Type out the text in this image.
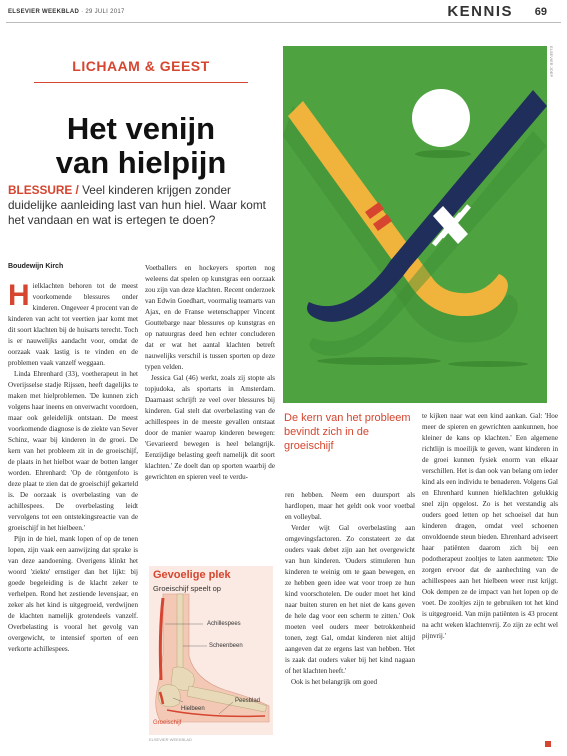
ELSEVIER WEEKBLAD · 29 JULI 2017	KENNIS 69
LICHAAM & GEEST
Het venijn
van hielpijn

BLESSURE / Veel kinderen krijgen zonder duidelijke aanleiding last van hun hiel. Waar komt het vandaan en wat is ertegen te doen?

Boudewijn Kirch
ELSEVIER JOEP

Hielklachten behoren tot de meest voorkomende blessures onder kinderen. Ongeveer 4 procent van de kinderen van acht tot veertien jaar komt met dit soort klachten bij de huisarts terecht. Toch is er nauwelijks aandacht voor, omdat de oorzaak vaak lastig is te vinden en de problemen vaak vanzelf weggaan.

Linda Ehrenhard (33), voetherapeut in het Overijsselse stadje Rijssen, heeft dagelijks te maken met hielproblemen. 'De kunnen zich volgens haar ineens en onverwacht voordoen, maar ook geleidelijk ontstaan. De meest voorkomende diagnose is de ziekte van Sever Schinz, waar bij kinderen in de groei. De kern van het probleem zit in de groeischijf, de plaats in het hielbot waar de botten langer worden. Ehrenhard: 'Op de röntgenfoto is deze plaat te zien dat de groeischijf gekarteld is. De oorzaak is overbelasting van de achillespees. De overbelasting leidt vervolgens tot een ontstekingsreactie van de groeischijf in het hielbeen.'

Pijn in de hiel, mank lopen of op de tenen lopen, zijn vaak een aanwijzing dat sprake is van deze aandoening. Overigens klinkt het woord 'ziekte' ernstiger dan het lijkt: bij goede begeleiding is de klacht zeker te verhelpen. Rond het zestiende levensjaar, en zeker als het kind is uitgegroeid, verdwijnen de klachten namelijk grotendeels vanzelf. Overbelasting is vooral het gevolg van overgewicht, te intensief sporten of een verkorte achillespees.

Voetballers en hockeyers sporten nog weleens dat spelen op kunstgras een oorzaak zou zijn van deze klachten. Recent onderzoek van Edwin Goedhart, voormalig teamarts van Ajax, en de Franse wetenschapper Vincent Gouttebarge naar blessures op kunstgras en op natuurgras deed hen echter concluderen dat er wat het aantal klachten betreft nauwelijks verschil is tussen sporten op deze typen velden.

Jessica Gal (46) werkt, zoals zij stopte als topjudoka, als sportarts in Amsterdam. Daarnaast schrijft ze veel over blessures bij kinderen. Gal stelt dat overbelasting van de achillespees in de meeste gevallen ontstaat door de manier waarop kinderen bewegen: 'Gevarieerd bewegen is heel belangrijk. Eenzijdige belasting geeft namelijk dit soort klachten.' Ze doelt dan op sporten waarbij de gewrichten en spieren veel te verdu-

De kern van het probleem bevindt zich in de groeischijf

ren hebben. Neem een duursport als hardlopen, maar het geldt ook voor voetbal en volleybal.

Verder wijt Gal overbelasting aan omgevingsfactoren. Zo constateert ze dat ouders vaak debet zijn aan het overgewicht van hun kinderen. 'Ouders stimuleren hun kinderen te weinig om te gaan bewegen, en ze hebben geen idee wat voor troep ze hun kind voorschotelen. De ouder moet het kind naar buiten sturen en het niet de kans geven de hele dag voor een scherm te zitten.' Ook moeten veel ouders meer betrokkenheid tonen, zegt Gal, omdat kinderen niet altijd aangeven dat ze ergens last van hebben. 'Het is zaak dat ouders vaker bij het kind nagaan of het klachten heeft.'

Ook is het belangrijk om goed

te kijken naar wat een kind aankan. Gal: 'Hoe meer de spieren en gewrichten aankunnen, hoe kleiner de kans op klachten.' Een algemene richtlijn is moeilijk te geven, want kinderen in de groei kunnen fysiek enorm van elkaar verschillen. Het is dan ook van belang om ieder kind als een individu te benaderen. Volgens Gal en Ehrenhard kunnen hielklachten gelukkig snel zijn opgelost. Zo is het verstandig als ouders goed letten op het schoeisel dat hun kinderen dragen, omdat veel schoenen onvoldoende steun bieden. Ehrenhard adviseert haar patiënten daarom zich bij een podotherapeut zooltjes te laten aanmeten: 'Die zorgen ervoor dat de aanhechting van de achillespees aan het hielbeen weer rust krijgt. Ook dempen ze de impact van het lopen op de voet. De zooltjes zijn te gebruiken tot het kind is uitgegroeid. Van mijn patiënten is 43 procent na acht weken klachtenvrij. Zo zijn ze echt wel pijnvrij.'

Gevoelige plek
Groeischijf speelt op
Achillespees
Scheenbeen
Hielbeen
Peesblad
Groeischijf
ELSEVIER WEEKBLAD
